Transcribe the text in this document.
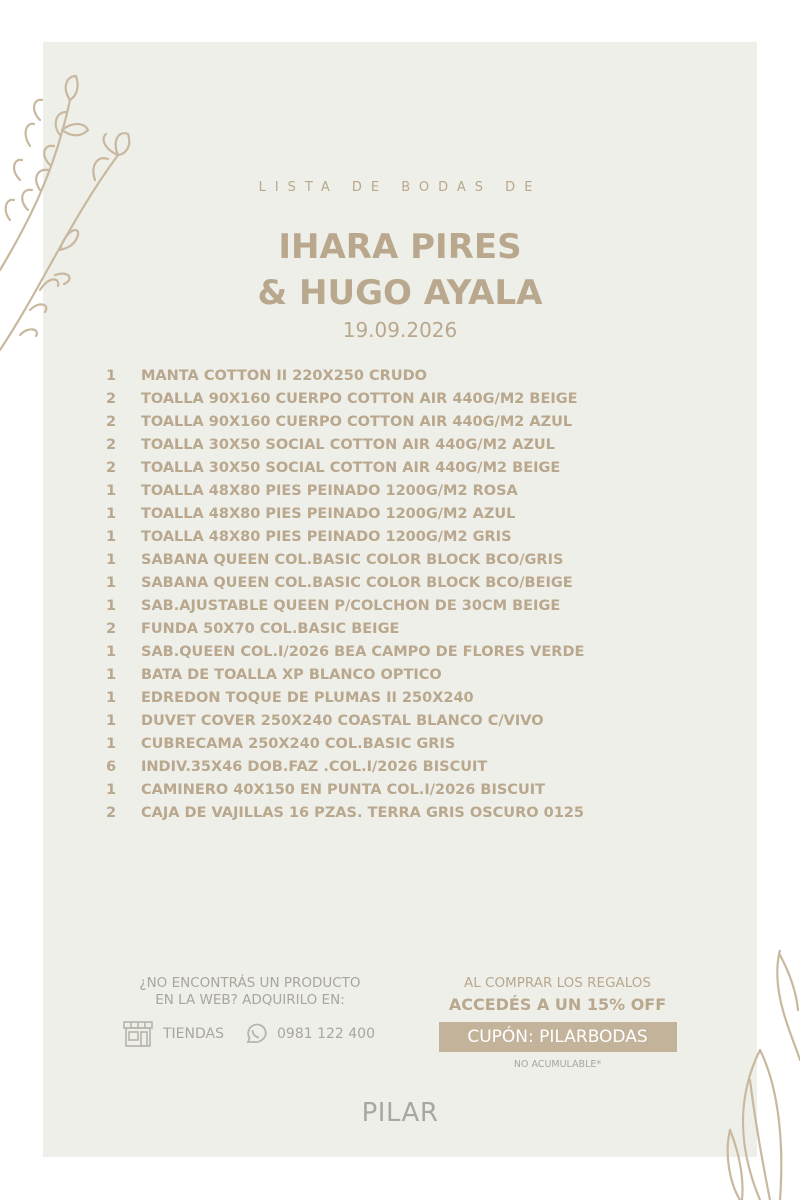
LISTA DE BODAS DE
IHARA PIRES
& HUGO AYALA
19.09.2026
1	MANTA COTTON II 220X250 CRUDO
2	TOALLA 90X160 CUERPO COTTON AIR 440G/M2 BEIGE
2	TOALLA 90X160 CUERPO COTTON AIR 440G/M2 AZUL
2	TOALLA 30X50 SOCIAL COTTON AIR 440G/M2 AZUL
2	TOALLA 30X50 SOCIAL COTTON AIR 440G/M2 BEIGE
1	TOALLA 48X80 PIES PEINADO 1200G/M2 ROSA
1	TOALLA 48X80 PIES PEINADO 1200G/M2 AZUL
1	TOALLA 48X80 PIES PEINADO 1200G/M2 GRIS
1	SABANA QUEEN COL.BASIC COLOR BLOCK BCO/GRIS
1	SABANA QUEEN COL.BASIC COLOR BLOCK BCO/BEIGE
1	SAB.AJUSTABLE QUEEN P/COLCHON DE 30CM BEIGE
2	FUNDA 50X70 COL.BASIC BEIGE
1	SAB.QUEEN COL.I/2026 BEA CAMPO DE FLORES VERDE
1	BATA DE TOALLA XP BLANCO OPTICO
1	EDREDON TOQUE DE PLUMAS II 250X240
1	DUVET COVER 250X240 COASTAL BLANCO C/VIVO
1	CUBRECAMA 250X240 COL.BASIC GRIS
6	INDIV.35X46 DOB.FAZ .COL.I/2026 BISCUIT
1	CAMINERO 40X150 EN PUNTA COL.I/2026 BISCUIT
2	CAJA DE VAJILLAS 16 PZAS. TERRA GRIS OSCURO 0125
¿NO ENCONTRÁS UN PRODUCTO
EN LA WEB? ADQUIRILO EN:
TIENDAS	0981 122 400
AL COMPRAR LOS REGALOS
ACCEDÉS A UN 15% OFF
CUPÓN: PILARBODAS
NO ACUMULABLE*
PILAR
